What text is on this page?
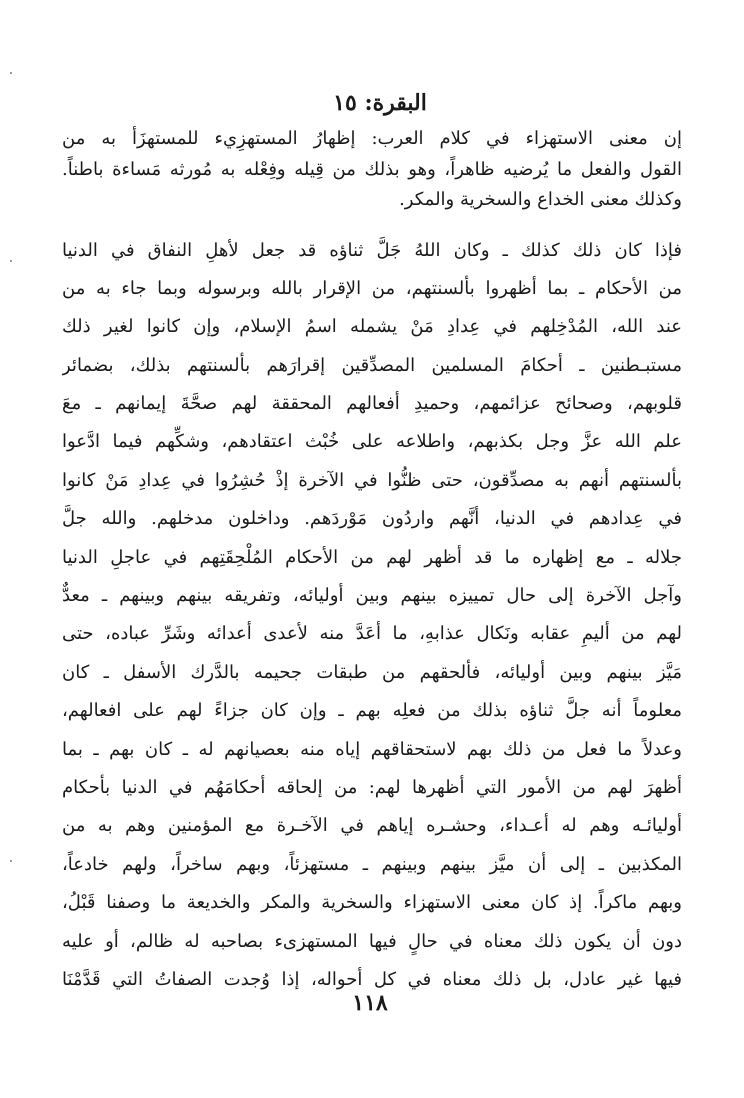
البقرة: ١٥

إن معنى الاستهزاء في كلام العرب: إظهارُ المستهزِيء للمستهزَأ به من
القول والفعل ما يُرضيه ظاهراً، وهو بذلك من قِيله وفِعْله به مُورثه مَساءة باطناً.
وكذلك معنى الخداع والسخرية والمكر.

فإذا كان ذلك كذلك ـ وكان اللهُ جَلَّ ثناؤه قد جعل لأهلِ النفاق في الدنيا
من الأحكام ـ بما أظهروا بألسنتهم، من الإقرار بالله وبرسوله وبما جاء به من
عند الله، المُدْخِلهم في عِدادِ مَنْ يشمله اسمُ الإسلام، وإن كانوا لغير ذلك
مستبـطنين ـ أحكامَ المسلمين المصدِّقين إقرارَهم بألسنتهم بذلك، بضمائر
قلوبهم، وصحائح عزائمهم، وحميدِ أفعالهم المحققة لهم صحَّةَ إيمانهم ـ معَ
علم الله عزَّ وجل بكذبهم، واطلاعه على خُبْث اعتقادهم، وشكِّهم فيما ادَّعوا
بألسنتهم أنهم به مصدِّقون، حتى ظنُّوا في الآخرة إذْ حُشِرُوا في عِدادِ مَنْ كانوا
في عِدادهم في الدنيا، أنَّهم واردُون مَوْردَهم. وداخلون مدخلهم. والله جلَّ
جلاله ـ مع إظهاره ما قد أظهر لهم من الأحكام المُلْحِقَتِهم في عاجلِ الدنيا
وآجل الآخرة إلى حال تمييزه بينهم وبين أوليائه، وتفريقه بينهم وبينهم ـ معدٌّ
لهم من أليمِ عقابه ونَكال عذابهِ، ما أعَدَّ منه لأعدى أعدائه وشَرِّ عباده، حتى
مَيَّز بينهم وبين أوليائه، فألحقهم من طبقات جحيمه بالدَّرك الأسفل ـ كان
معلوماً أنه جلَّ ثناؤه بذلك من فعلِه بهم ـ وإن كان جزاءً لهم على افعالهم،
وعدلاً ما فعل من ذلك بهم لاستحقاقهم إياه منه بعصيانهم له ـ كان بهم ـ بما
أظهرَ لهم من الأمور التي أظهرها لهم: من إلحاقه أحكامَهُم في الدنيا بأحكام
أوليائـه وهم له أعـداء، وحشـره إياهم في الآخـرة مع المؤمنين وهم به من
المكذبين ـ إلى أن ميَّز بينهم وبينهم ـ مستهزئاً، وبهم ساخراً، ولهم خادعاً،
وبهم ماكراً. إذ كان معنى الاستهزاء والسخرية والمكر والخديعة ما وصفنا قَبْلُ،
دون أن يكون ذلك معناه في حالٍ فيها المستهزىء بصاحبه له ظالم، أو عليه
فيها غير عادل، بل ذلك معناه في كل أحواله، إذا وُجدت الصفاتُ التي قَدَّمْنَا

١١٨
